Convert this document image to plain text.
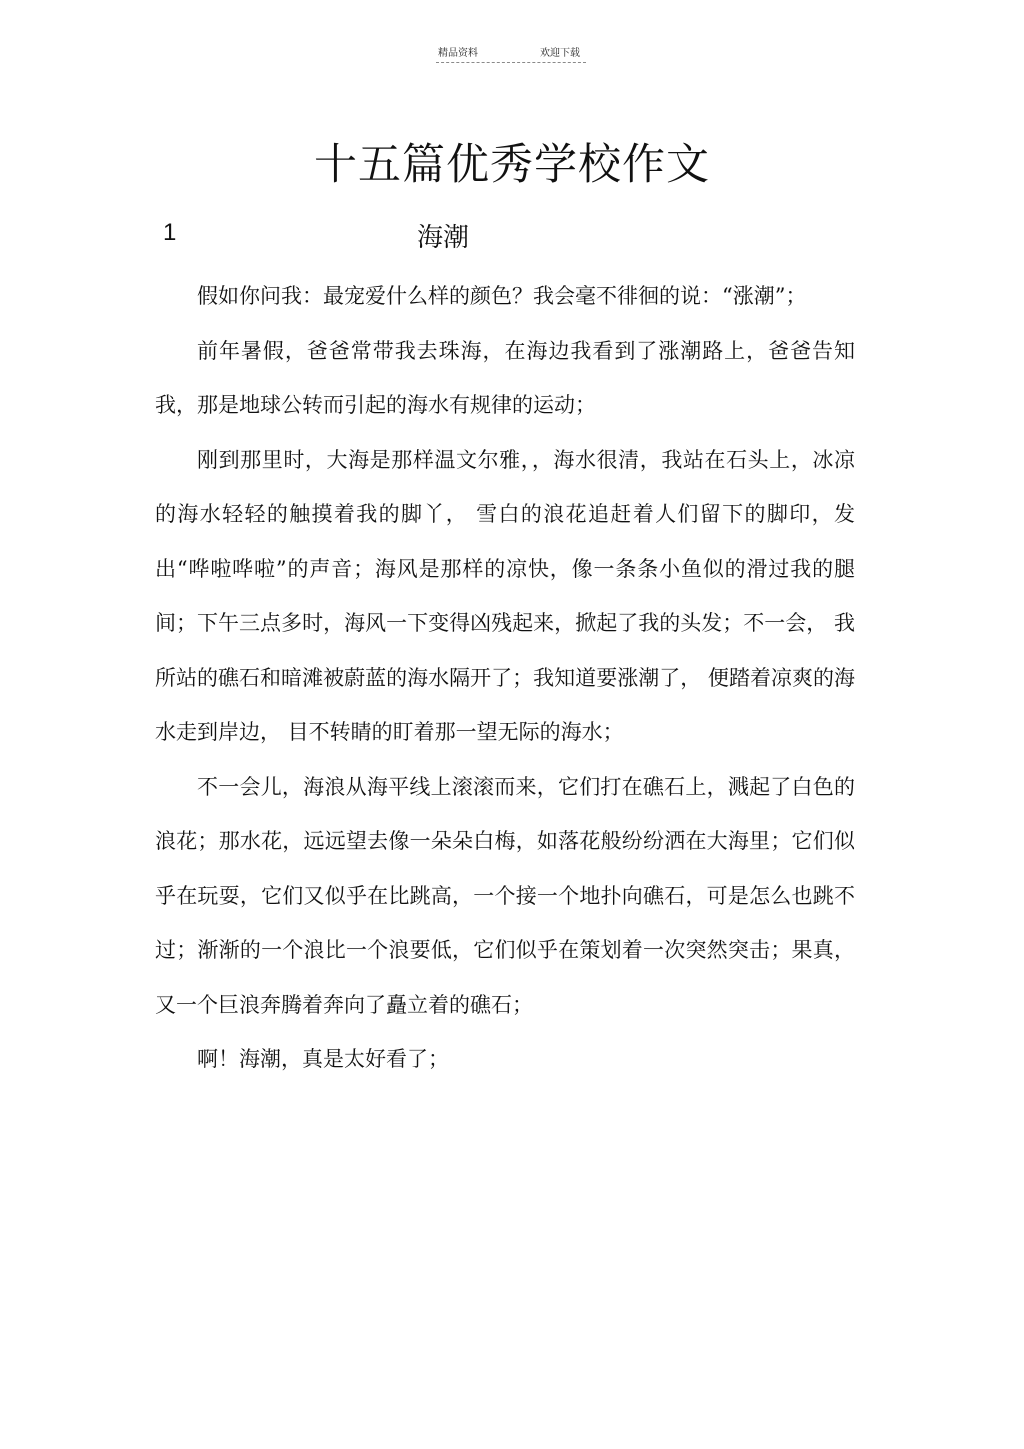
精品资料	欢迎下载
十五篇优秀学校作文
1	海潮

假如你问我：最宠爱什么样的颜色？我会毫不徘徊的说：“涨潮”；

前年暑假，爸爸常带我去珠海，在海边我看到了涨潮路上，爸爸告知我，那是地球公转而引起的海水有规律的运动；

刚到那里时，大海是那样温文尔雅，，海水很清，我站在石头上，冰凉的海水轻轻的触摸着我的脚丫， 雪白的浪花追赶着人们留下的脚印，发出“哗啦哗啦”的声音；海风是那样的凉快，像一条条小鱼似的滑过我的腿间；下午三点多时，海风一下变得凶残起来，掀起了我的头发；不一会， 我所站的礁石和暗滩被蔚蓝的海水隔开了；我知道要涨潮了， 便踏着凉爽的海水走到岸边， 目不转睛的盯着那一望无际的海水；

不一会儿，海浪从海平线上滚滚而来，它们打在礁石上，溅起了白色的浪花；那水花，远远望去像一朵朵白梅，如落花般纷纷洒在大海里；它们似乎在玩耍，它们又似乎在比跳高，一个接一个地扑向礁石，可是怎么也跳不过；渐渐的一个浪比一个浪要低，它们似乎在策划着一次突然突击；果真，又一个巨浪奔腾着奔向了矗立着的礁石；

啊！海潮，真是太好看了；
